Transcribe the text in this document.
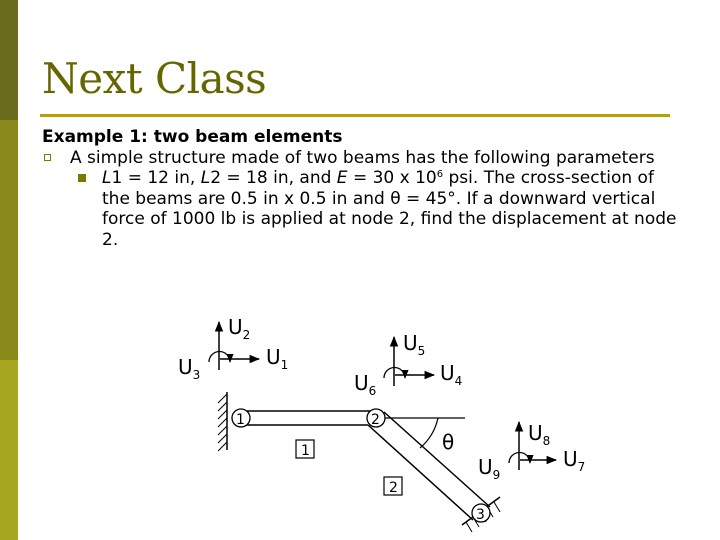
Next Class
Example 1: two beam elements
A simple structure made of two beams has the following parameters
L1 = 12 in, L2 = 18 in, and E = 30 x $10^6$ psi. The cross-section of the beams are 0.5 in x 0.5 in and θ = 45°. If a downward vertical force of 1000 lb is applied at node 2, find the displacement at node 2.
θ
1	2
3
1
2
$U_2$
$U_1$
$U_3$
$U_5$
$U_4$
$U_6$
$U_8$
$U_7$
$U_9$
